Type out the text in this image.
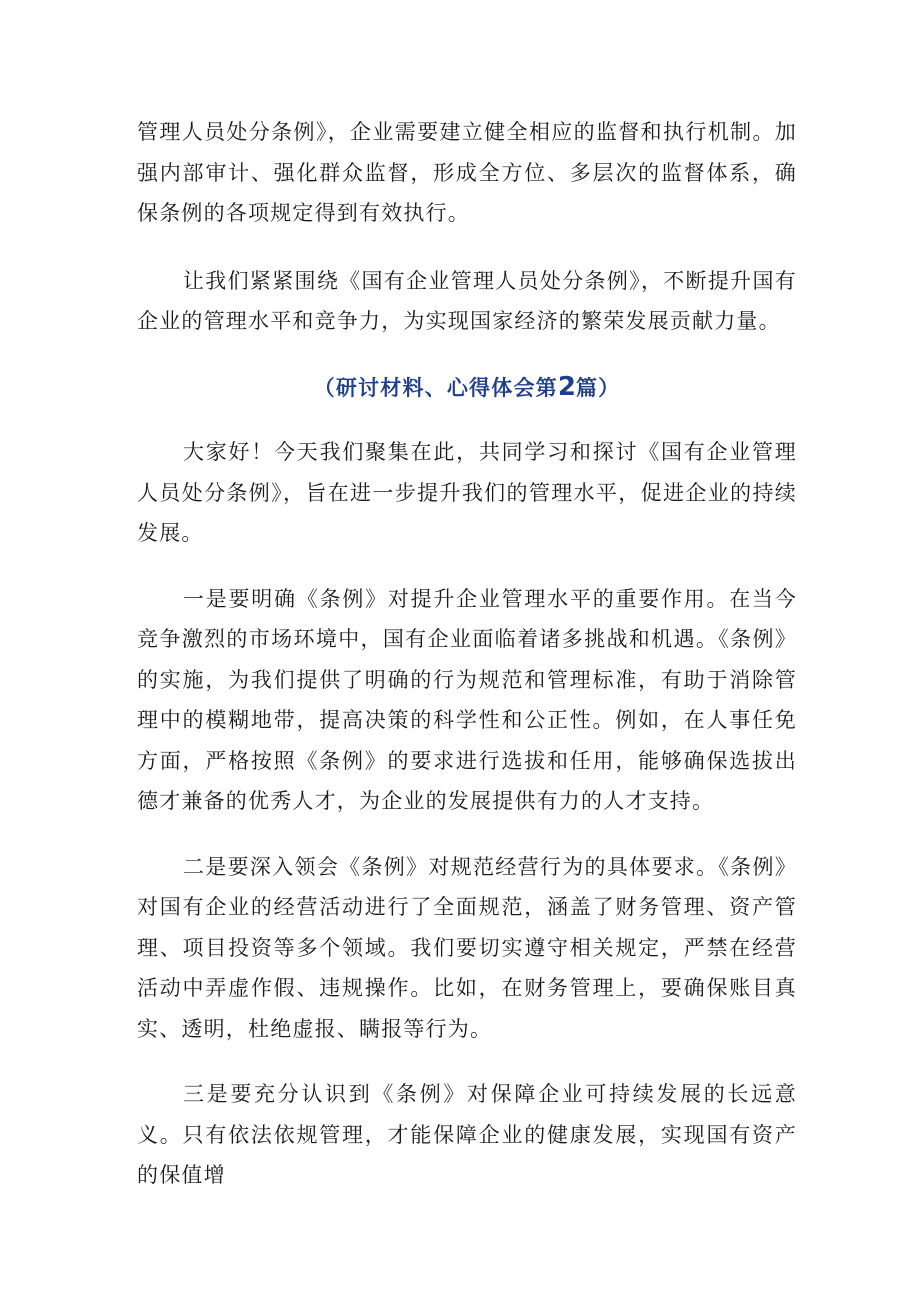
管理人员处分条例》，企业需要建立健全相应的监督和执行机制。加强内部审计、强化群众监督，形成全方位、多层次的监督体系，确保条例的各项规定得到有效执行。

让我们紧紧围绕《国有企业管理人员处分条例》，不断提升国有企业的管理水平和竞争力，为实现国家经济的繁荣发展贡献力量。

（研讨材料、心得体会第2篇）

大家好！今天我们聚集在此，共同学习和探讨《国有企业管理人员处分条例》，旨在进一步提升我们的管理水平，促进企业的持续发展。

一是要明确《条例》对提升企业管理水平的重要作用。在当今竞争激烈的市场环境中，国有企业面临着诸多挑战和机遇。《条例》的实施，为我们提供了明确的行为规范和管理标准，有助于消除管理中的模糊地带，提高决策的科学性和公正性。例如，在人事任免方面，严格按照《条例》的要求进行选拔和任用，能够确保选拔出德才兼备的优秀人才，为企业的发展提供有力的人才支持。

二是要深入领会《条例》对规范经营行为的具体要求。《条例》对国有企业的经营活动进行了全面规范，涵盖了财务管理、资产管理、项目投资等多个领域。我们要切实遵守相关规定，严禁在经营活动中弄虚作假、违规操作。比如，在财务管理上，要确保账目真实、透明，杜绝虚报、瞒报等行为。

三是要充分认识到《条例》对保障企业可持续发展的长远意义。只有依法依规管理，才能保障企业的健康发展，实现国有资产的保值增
